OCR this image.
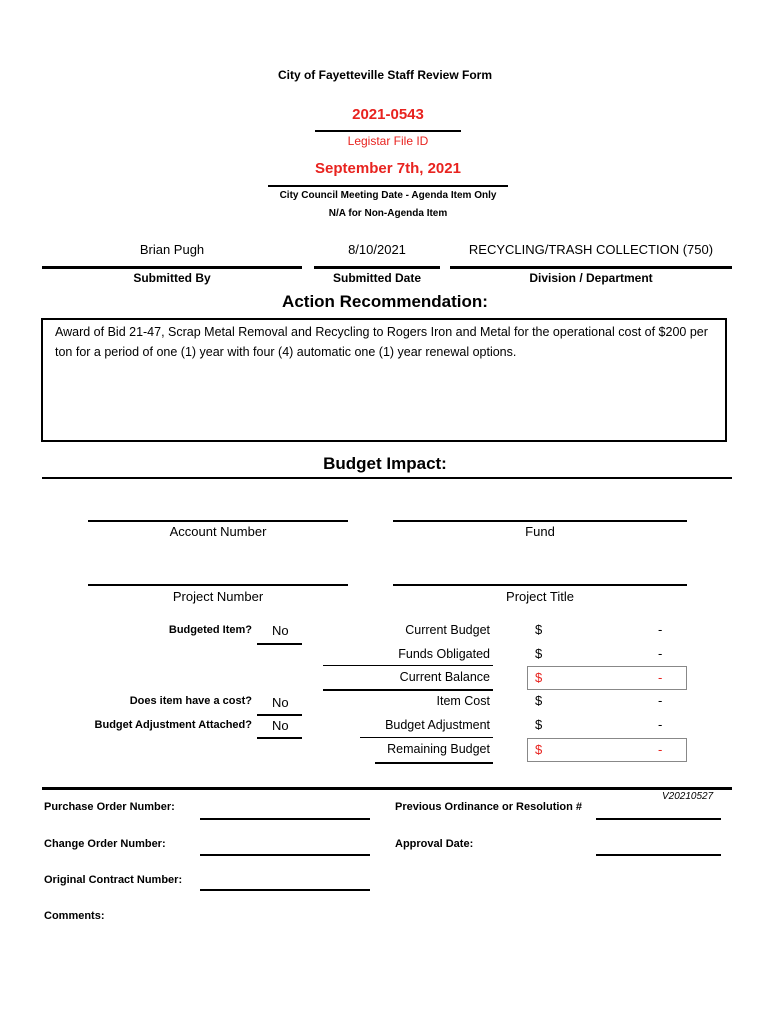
City of Fayetteville Staff Review Form
2021-0543
Legistar File ID
September 7th, 2021
City Council Meeting Date - Agenda Item Only
N/A for Non-Agenda Item
Brian Pugh
Submitted By
8/10/2021
Submitted Date
RECYCLING/TRASH COLLECTION (750)
Division / Department
Action Recommendation:
Award of Bid 21-47, Scrap Metal Removal and Recycling to Rogers Iron and Metal for the operational cost of $200 per ton for a period of one (1) year with four (4) automatic one (1) year renewal options.
Budget Impact:
Account Number	Fund
Project Number	Project Title
Budgeted Item? No
Does item have a cost? No
Budget Adjustment Attached? No
Current Budget	$	-
Funds Obligated	$	-
Current Balance	$	-
Item Cost	$	-
Budget Adjustment	$	-
Remaining Budget	$	-
V20210527
Purchase Order Number:	Previous Ordinance or Resolution #
Change Order Number:	Approval Date:
Original Contract Number:
Comments:
